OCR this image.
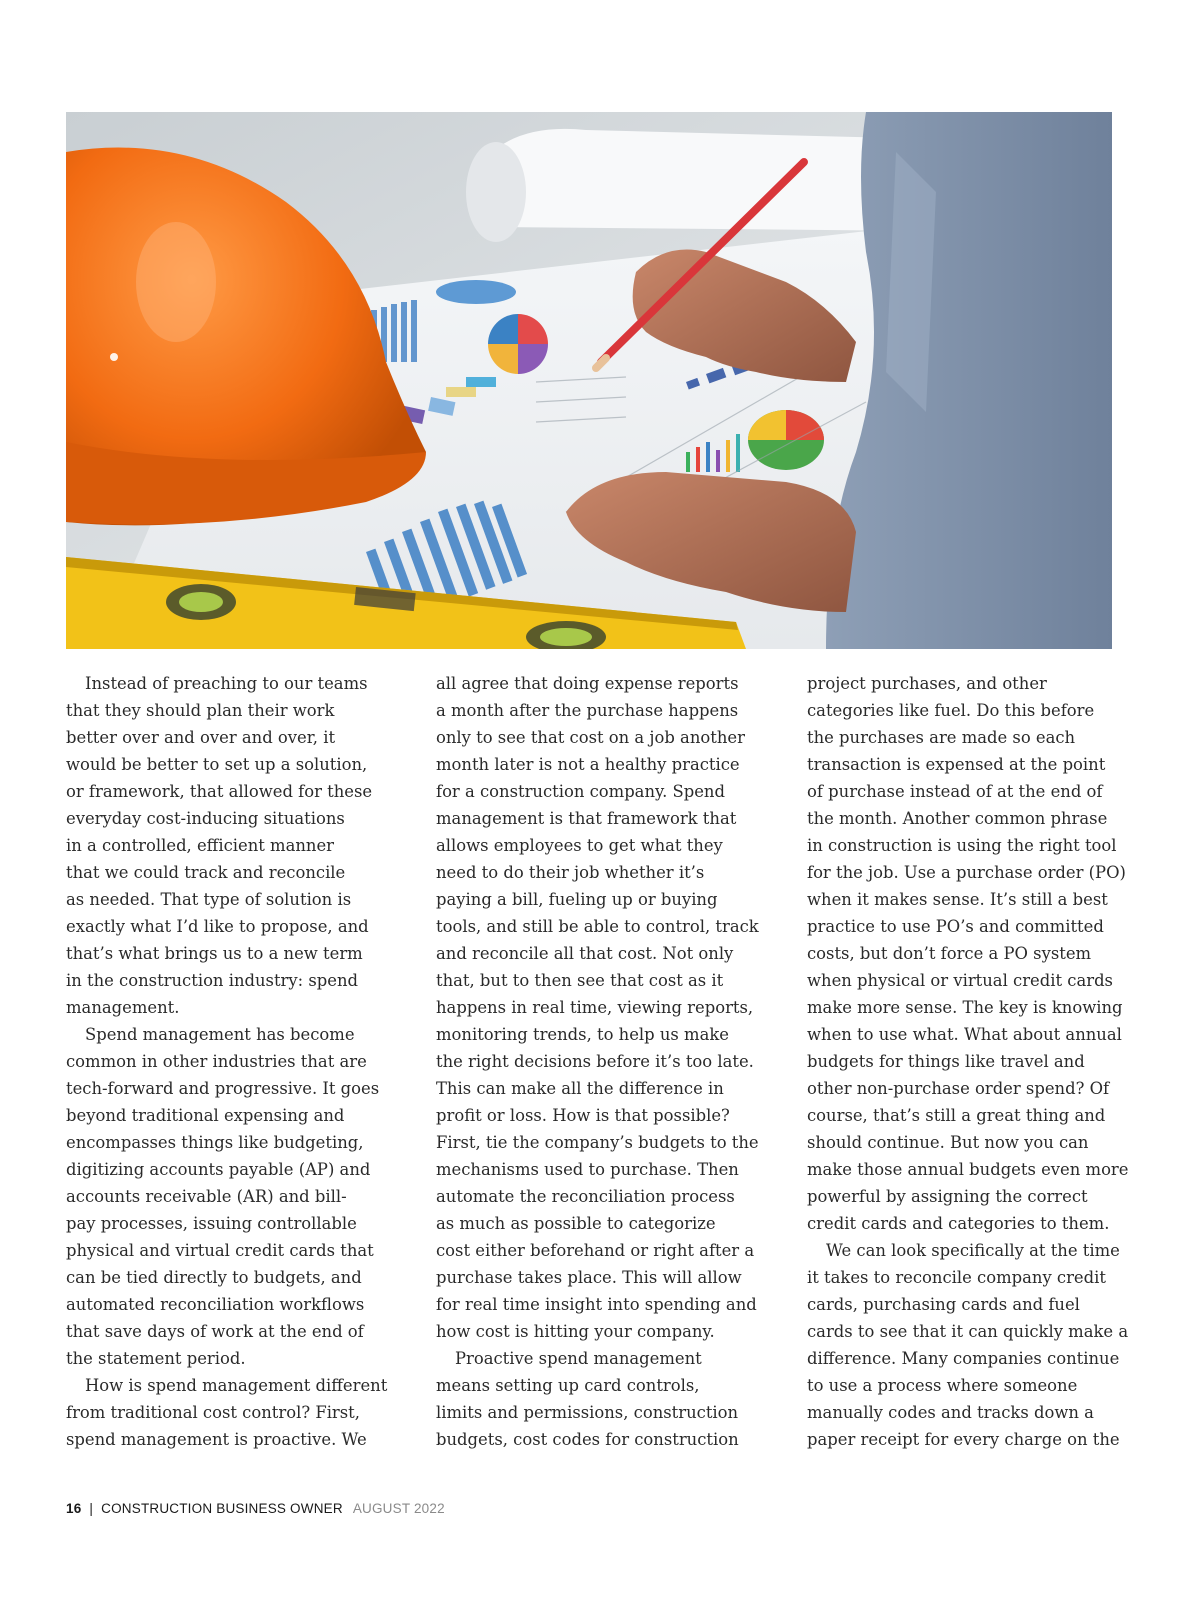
Instead of preaching to our teams

that they should plan their work

better over and over and over, it

would be better to set up a solution,

or framework, that allowed for these

everyday cost-inducing situations

in a controlled, efficient manner

that we could track and reconcile

as needed. That type of solution is

exactly what I’d like to propose, and

that’s what brings us to a new term

in the construction industry: spend

management.

Spend management has become

common in other industries that are

tech-forward and progressive. It goes

beyond traditional expensing and

encompasses things like budgeting,

digitizing accounts payable (AP) and

accounts receivable (AR) and bill-

pay processes, issuing controllable

physical and virtual credit cards that

can be tied directly to budgets, and

automated reconciliation workflows

that save days of work at the end of

the statement period.

How is spend management different

from traditional cost control? First,

spend management is proactive. We

all agree that doing expense reports

a month after the purchase happens

only to see that cost on a job another

month later is not a healthy practice

for a construction company. Spend

management is that framework that

allows employees to get what they

need to do their job whether it’s

paying a bill, fueling up or buying

tools, and still be able to control, track

and reconcile all that cost. Not only

that, but to then see that cost as it

happens in real time, viewing reports,

monitoring trends, to help us make

the right decisions before it’s too late.

This can make all the difference in

profit or loss. How is that possible?

First, tie the company’s budgets to the

mechanisms used to purchase. Then

automate the reconciliation process

as much as possible to categorize

cost either beforehand or right after a

purchase takes place. This will allow

for real time insight into spending and

how cost is hitting your company.

Proactive spend management

means setting up card controls,

limits and permissions, construction

budgets, cost codes for construction

project purchases, and other

categories like fuel. Do this before

the purchases are made so each

transaction is expensed at the point

of purchase instead of at the end of

the month. Another common phrase

in construction is using the right tool

for the job. Use a purchase order (PO)

when it makes sense. It’s still a best

practice to use PO’s and committed

costs, but don’t force a PO system

when physical or virtual credit cards

make more sense. The key is knowing

when to use what. What about annual

budgets for things like travel and

other non-purchase order spend? Of

course, that’s still a great thing and

should continue. But now you can

make those annual budgets even more

powerful by assigning the correct

credit cards and categories to them.

We can look specifically at the time

it takes to reconcile company credit

cards, purchasing cards and fuel

cards to see that it can quickly make a

difference. Many companies continue

to use a process where someone

manually codes and tracks down a

paper receipt for every charge on the

16 | CONSTRUCTION BUSINESS OWNER AUGUST 2022
